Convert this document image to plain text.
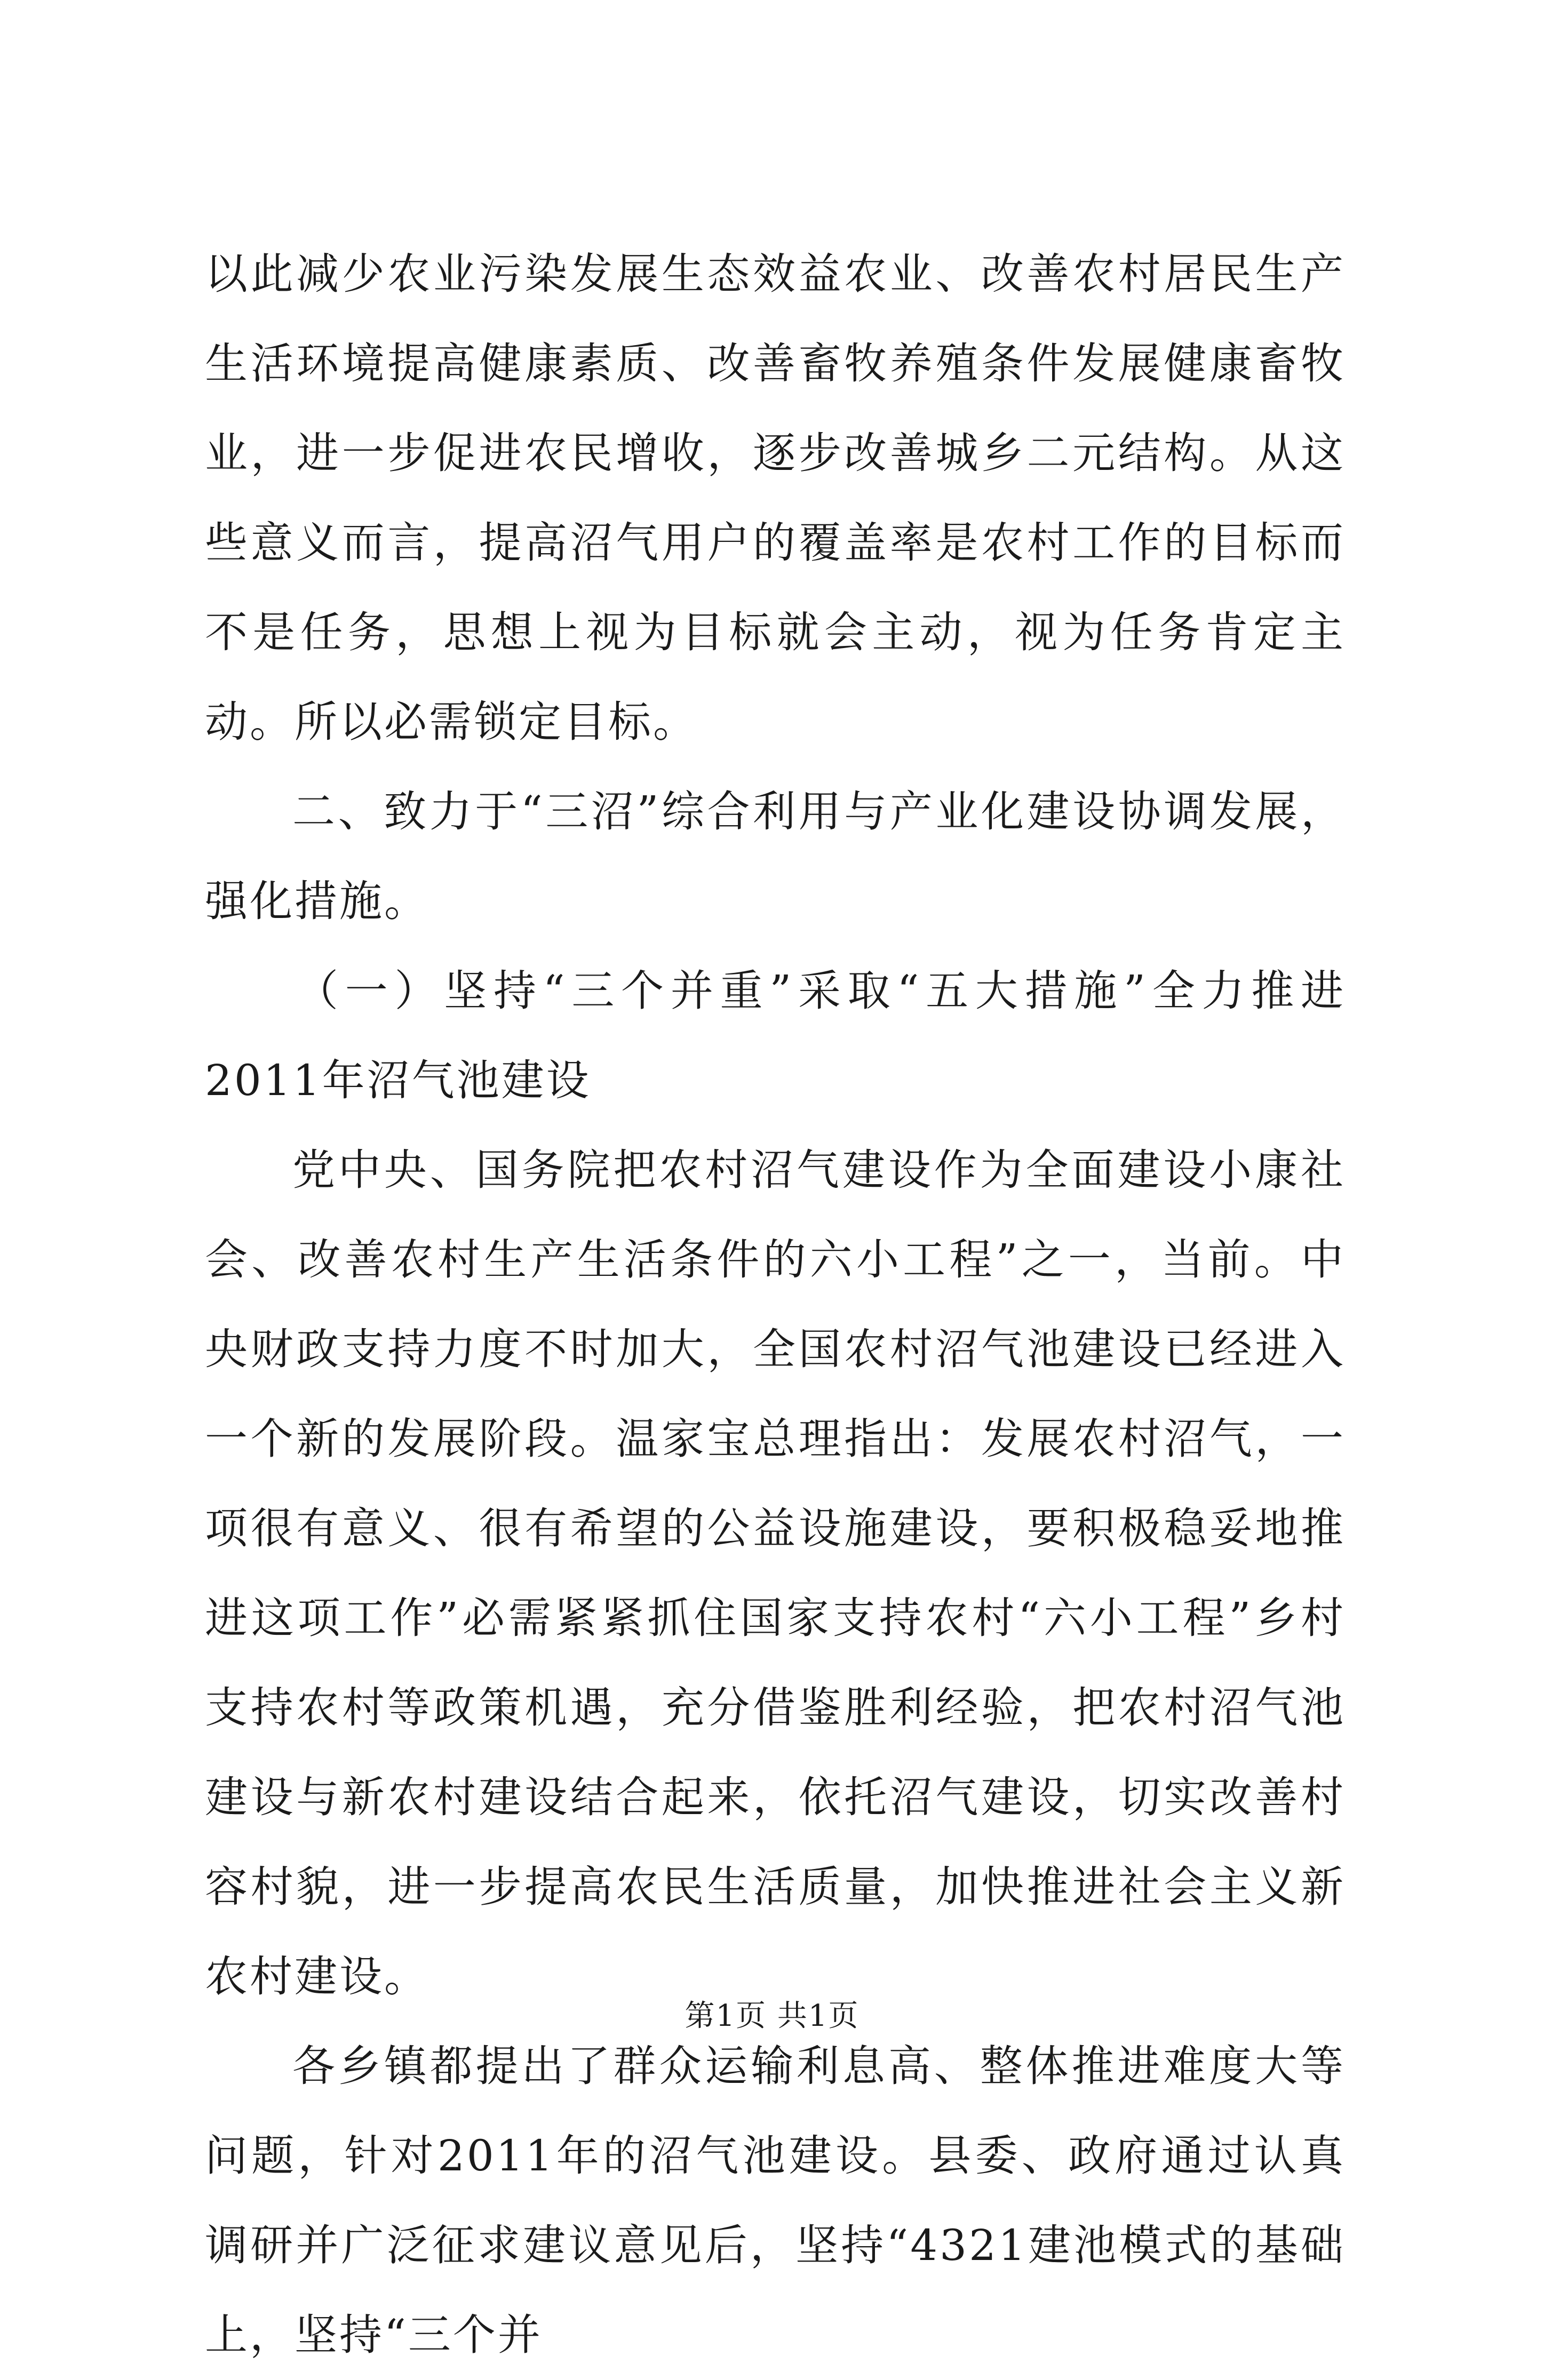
以此减少农业污染发展生态效益农业、改善农村居民生产生活环境提高健康素质、改善畜牧养殖条件发展健康畜牧业，进一步促进农民增收，逐步改善城乡二元结构。从这些意义而言，提高沼气用户的覆盖率是农村工作的目标而不是任务，思想上视为目标就会主动，视为任务肯定主动。所以必需锁定目标。

二、致力于“三沼”综合利用与产业化建设协调发展，强化措施。

（一）坚持“三个并重”采取“五大措施”全力推进2011年沼气池建设

党中央、国务院把农村沼气建设作为全面建设小康社会、改善农村生产生活条件的六小工程”之一，当前。中央财政支持力度不时加大，全国农村沼气池建设已经进入一个新的发展阶段。温家宝总理指出：发展农村沼气，一项很有意义、很有希望的公益设施建设，要积极稳妥地推进这项工作”必需紧紧抓住国家支持农村“六小工程”乡村支持农村等政策机遇，充分借鉴胜利经验，把农村沼气池建设与新农村建设结合起来，依托沼气建设，切实改善村容村貌，进一步提高农民生活质量，加快推进社会主义新农村建设。

各乡镇都提出了群众运输利息高、整体推进难度大等问题，针对2011年的沼气池建设。县委、政府通过认真调研并广泛征求建议意见后，坚持“4321建池模式的基础上，坚持“三个并

第1页 共1页
